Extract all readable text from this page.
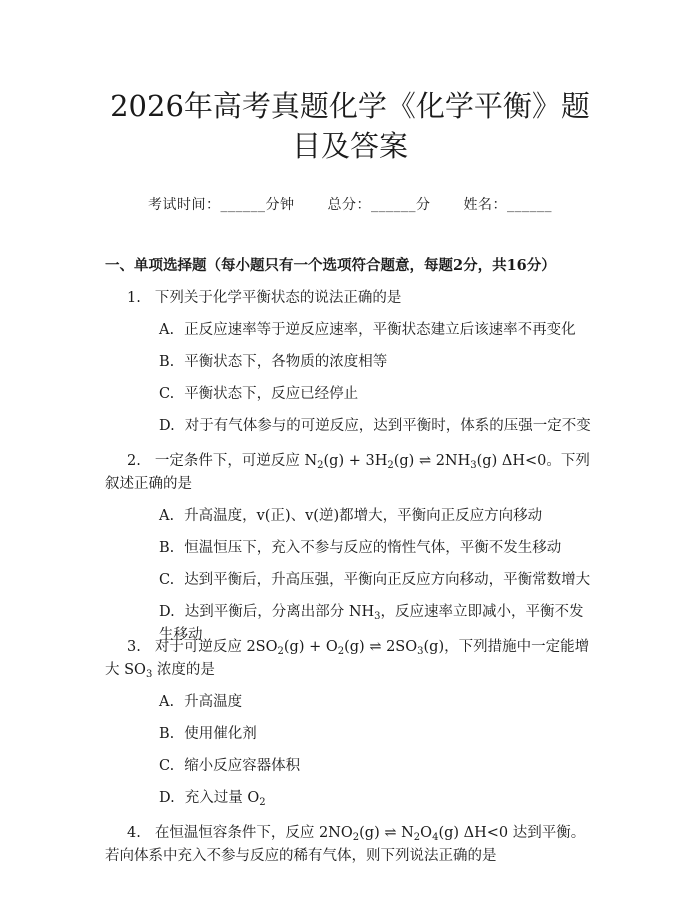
2026年高考真题化学《化学平衡》题目及答案
考试时间：______分钟 总分：______分 姓名：______
一、单项选择题（每小题只有一个选项符合题意，每题2分，共16分）
1. 下列关于化学平衡状态的说法正确的是
A. 正反应速率等于逆反应速率，平衡状态建立后该速率不再变化
B. 平衡状态下，各物质的浓度相等
C. 平衡状态下，反应已经停止
D. 对于有气体参与的可逆反应，达到平衡时，体系的压强一定不变
2. 一定条件下，可逆反应 $N_2(g) + 3H_2(g)$ ⇌ $2NH_3(g)$ ΔH<0。下列叙述正确的是
A. 升高温度，v(正)、v(逆)都增大，平衡向正反应方向移动
B. 恒温恒压下，充入不参与反应的惰性气体，平衡不发生移动
C. 达到平衡后，升高压强，平衡向正反应方向移动，平衡常数增大
D. 达到平衡后，分离出部分 $NH_3$，反应速率立即减小，平衡不发生移动
3. 对于可逆反应 $2SO_2(g) + O_2(g)$ ⇌ $2SO_3(g)$，下列措施中一定能增大 $SO_3$ 浓度的是
A. 升高温度
B. 使用催化剂
C. 缩小反应容器体积
D. 充入过量 $O_2$
4. 在恒温恒容条件下，反应 $2NO_2(g)$ ⇌ $N_2O_4(g)$ ΔH<0 达到平衡。若向体系中充入不参与反应的稀有气体，则下列说法正确的是
